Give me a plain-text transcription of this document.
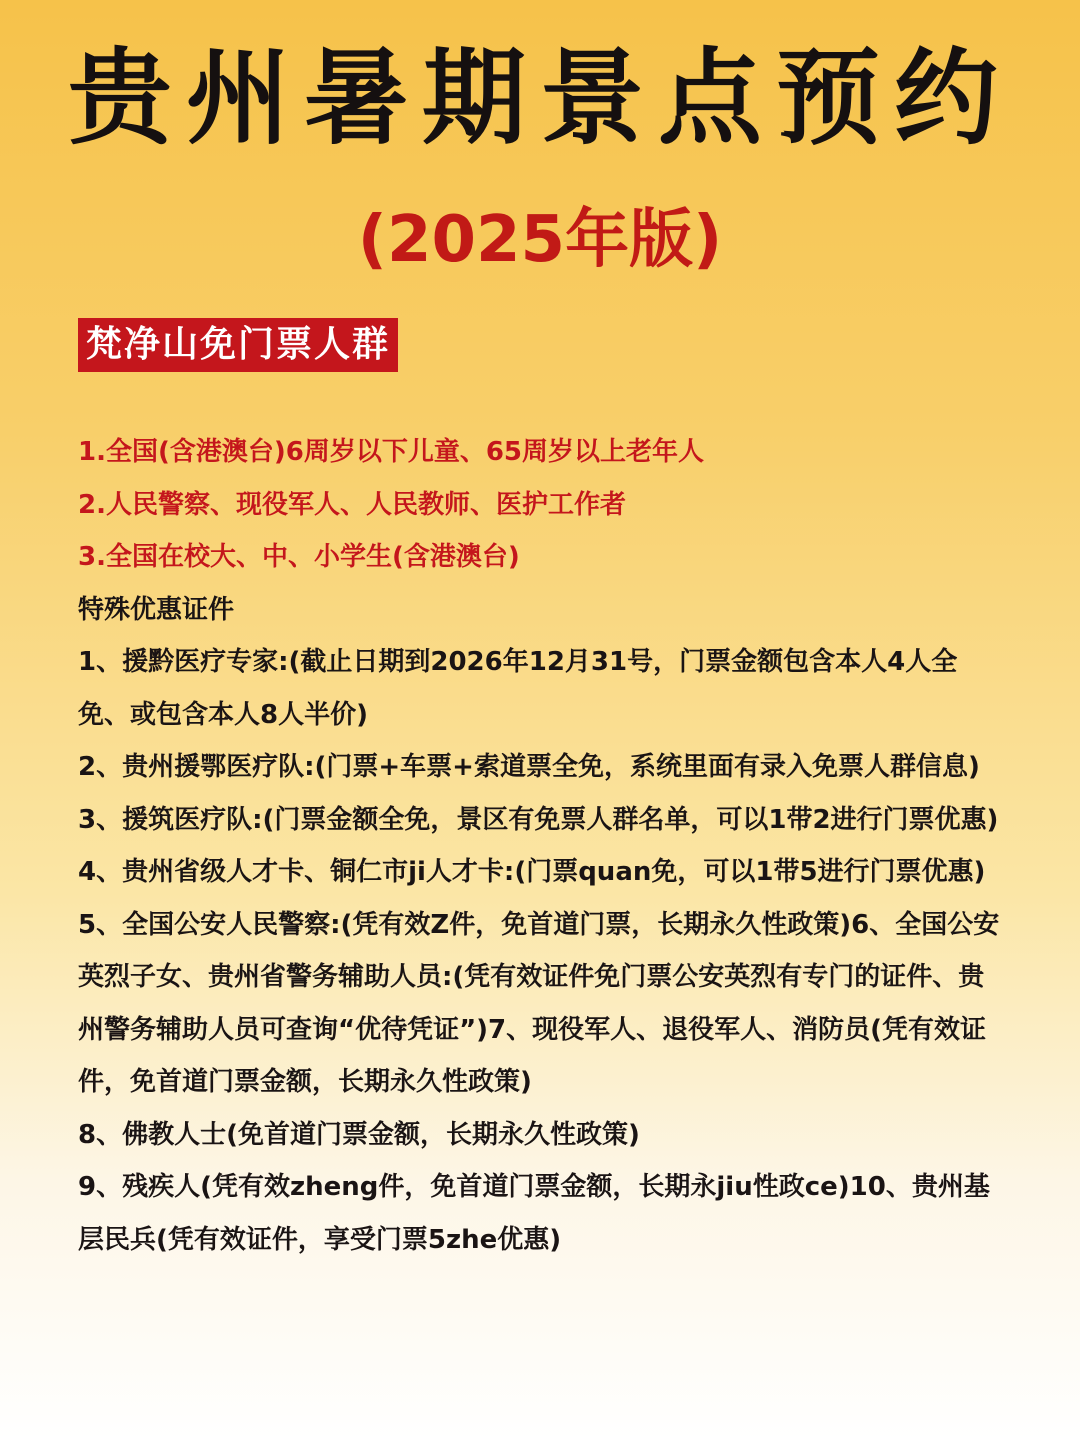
贵州暑期景点预约
(2025年版)
梵净山免门票人群

1.全国(含港澳台)6周岁以下儿童、65周岁以上老年人

2.人民警察、现役军人、人民教师、医护工作者

3.全国在校大、中、小学生(含港澳台)

特殊优惠证件

1、援黔医疗专家:(截止日期到2026年12月31号，门票金额包含本人4人全免、或包含本人8人半价)

2、贵州援鄂医疗队:(门票+车票+索道票全免，系统里面有录入免票人群信息)

3、援筑医疗队:(门票金额全免，景区有免票人群名单，可以1带2进行门票优惠)

4、贵州省级人才卡、铜仁市ji人才卡:(门票quan免，可以1带5进行门票优惠)

5、全国公安人民警察:(凭有效Z件，免首道门票，长期永久性政策)6、全国公安英烈子女、贵州省警务辅助人员:(凭有效证件免门票公安英烈有专门的证件、贵州警务辅助人员可查询“优待凭证”)7、现役军人、退役军人、消防员(凭有效证件，免首道门票金额，长期永久性政策)

8、佛教人士(免首道门票金额，长期永久性政策)

9、残疾人(凭有效zheng件，免首道门票金额，长期永jiu性政ce)10、贵州基层民兵(凭有效证件，享受门票5zhe优惠)
